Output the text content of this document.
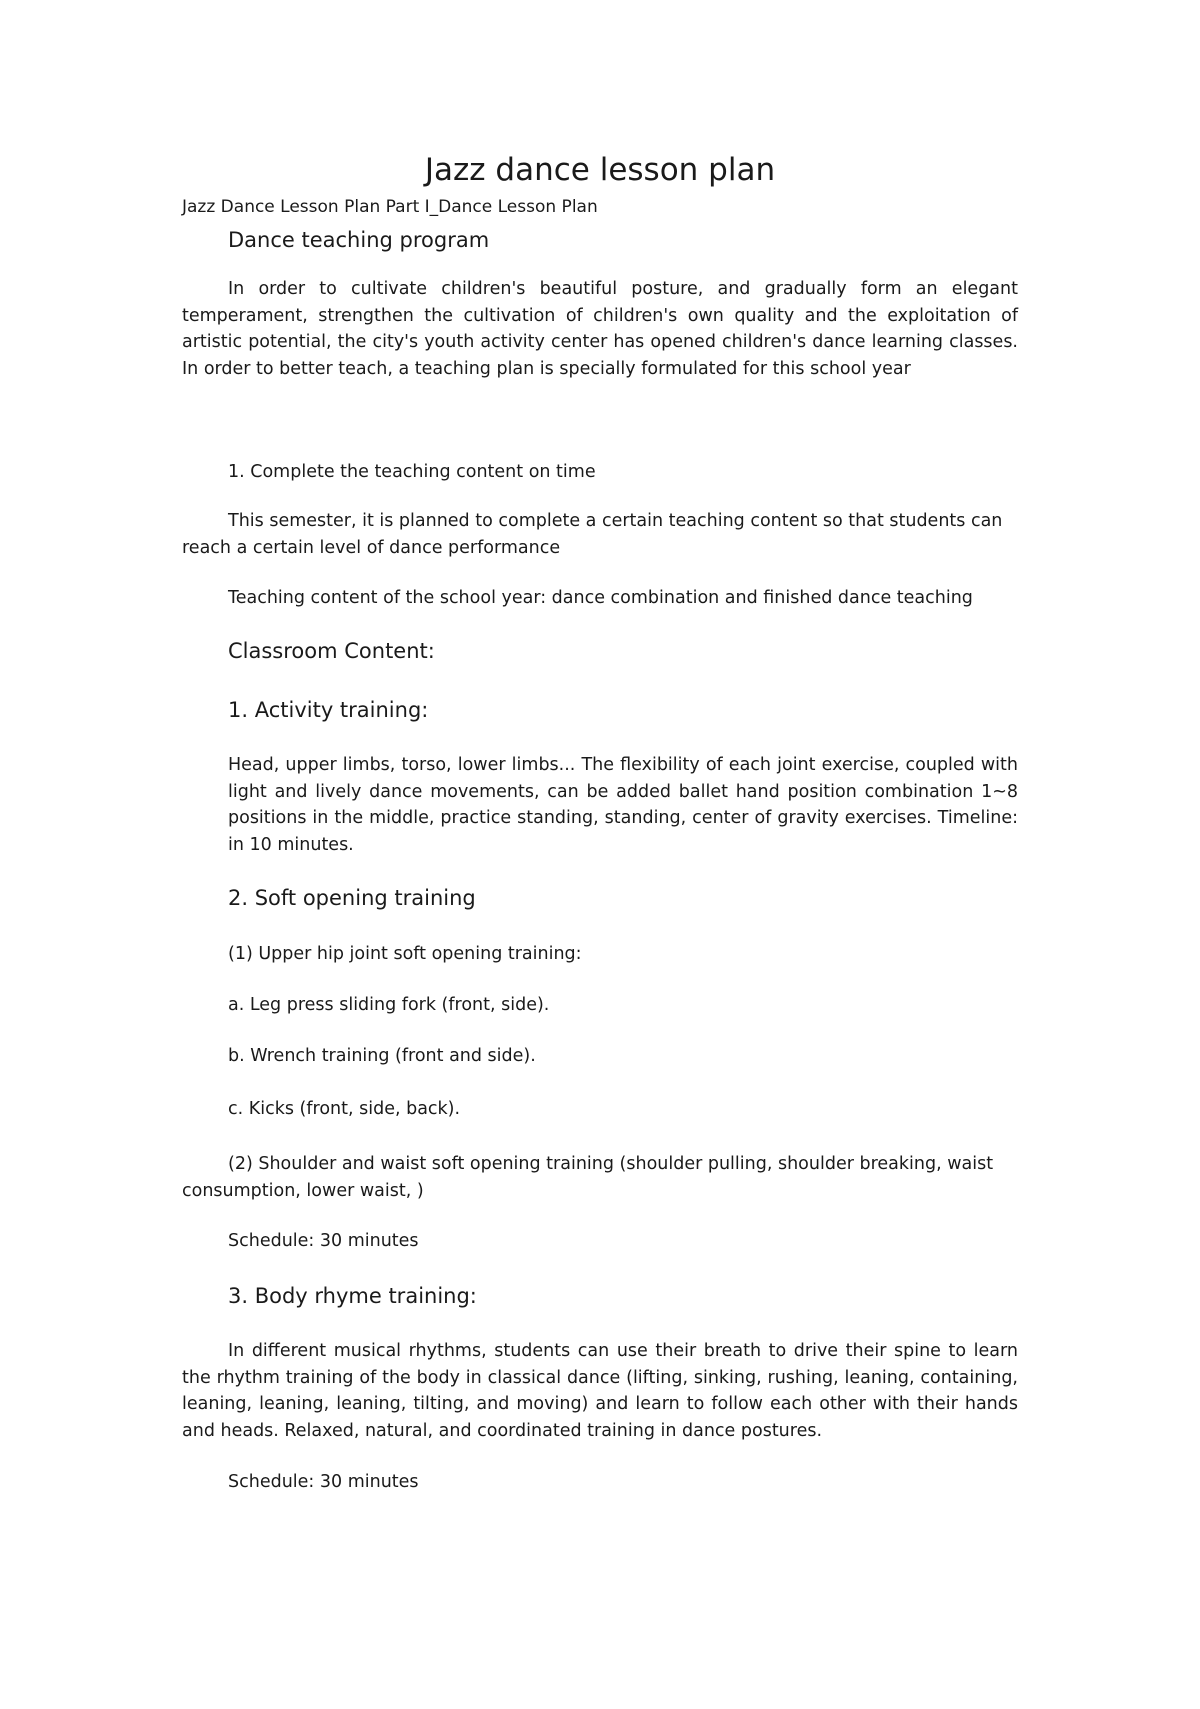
Jazz dance lesson plan

Jazz Dance Lesson Plan Part I_Dance Lesson Plan

Dance teaching program

In order to cultivate children's beautiful posture, and gradually form an elegant temperament, strengthen the cultivation of children's own quality and the exploitation of artistic potential, the city's youth activity center has opened children's dance learning classes. In order to better teach, a teaching plan is specially formulated for this school year

1. Complete the teaching content on time

This semester, it is planned to complete a certain teaching content so that students can reach a certain level of dance performance

Teaching content of the school year: dance combination and finished dance teaching

Classroom Content:
1. Activity training:

Head, upper limbs, torso, lower limbs... The flexibility of each joint exercise, coupled with light and lively dance movements, can be added ballet hand position combination 1~8 positions in the middle, practice standing, standing, center of gravity exercises. Timeline: in 10 minutes.

2. Soft opening training

(1) Upper hip joint soft opening training:

a. Leg press sliding fork (front, side).

b. Wrench training (front and side).

c. Kicks (front, side, back).

(2) Shoulder and waist soft opening training (shoulder pulling, shoulder breaking, waist consumption, lower waist, )

Schedule: 30 minutes

3. Body rhyme training:

In different musical rhythms, students can use their breath to drive their spine to learn the rhythm training of the body in classical dance (lifting, sinking, rushing, leaning, containing, leaning, leaning, leaning, tilting, and moving) and learn to follow each other with their hands and heads. Relaxed, natural, and coordinated training in dance postures.

Schedule: 30 minutes
